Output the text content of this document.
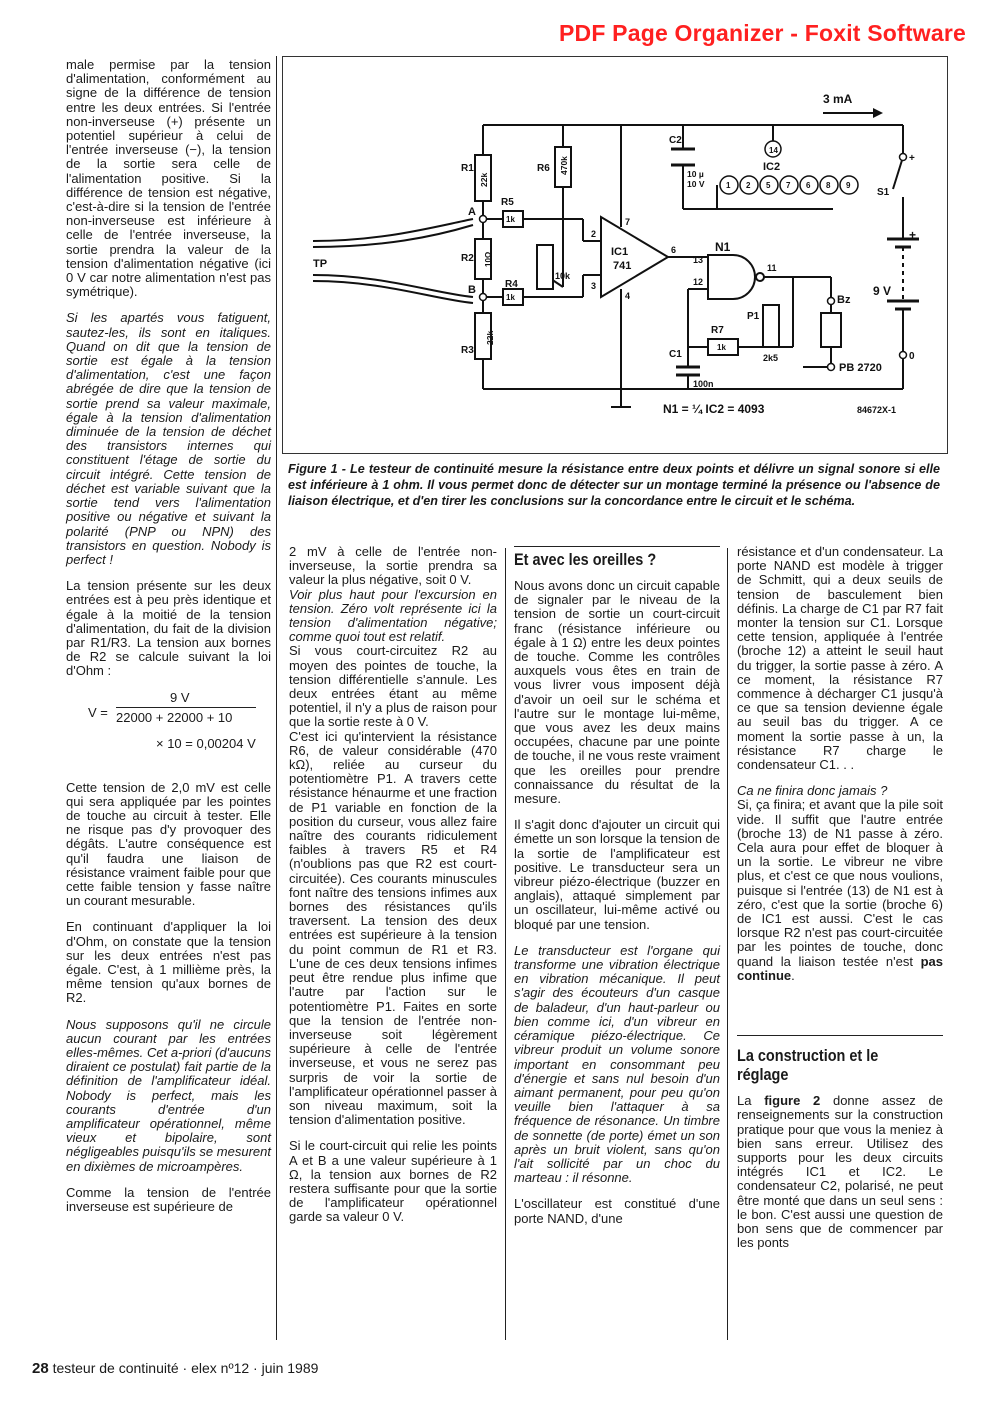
PDF Page Organizer - Foxit Software

male permise par la tension d'alimentation, conformément au signe de la différence de tension entre les deux entrées. Si l'entrée non-inverseuse (+) présente un potentiel supérieur à celui de l'entrée inverseuse (−), la tension de la sortie sera celle de l'alimentation positive. Si la différence de tension est négative, c'est-à-dire si la tension de l'entrée non-inverseuse est inférieure à celle de l'entrée inverseuse, la sortie prendra la valeur de la tension d'alimentation négative (ici 0 V car notre alimentation n'est pas symétrique).

Si les apartés vous fatiguent, sautez-les, ils sont en italiques. Quand on dit que la tension de sortie est égale à la tension d'alimentation, c'est une façon abrégée de dire que la tension de sortie prend sa valeur maximale, égale à la tension d'alimentation diminuée de la tension de déchet des transistors internes qui constituent l'étage de sortie du circuit intégré. Cette tension de déchet est variable suivant que la sortie tend vers l'alimentation positive ou négative et suivant la polarité (PNP ou NPN) des transistors en question. Nobody is perfect !

La tension présente sur les deux entrées est à peu près identique et égale à la moitié de la tension d'alimentation, du fait de la division par R1/R3. La tension aux bornes de R2 se calcule suivant la loi d'Ohm :

V =
9 V
22000 + 22000 + 10
× 10 = 0,00204 V

Cette tension de 2,0 mV est celle qui sera appliquée par les pointes de touche au circuit à tester. Elle ne risque pas d'y provoquer des dégâts. L'autre conséquence est qu'il faudra une liaison de résistance vraiment faible pour que cette faible tension y fasse naître un courant mesurable.

En continuant d'appliquer la loi d'Ohm, on constate que la tension sur les deux entrées n'est pas égale. C'est, à 1 millième près, la même tension qu'aux bornes de R2.

Nous supposons qu'il ne circule aucun courant par les entrées elles-mêmes. Cet a-priori (d'aucuns diraient ce postulat) fait partie de la définition de l'amplificateur idéal. Nobody is perfect, mais les courants d'entrée d'un amplificateur opérationnel, même vieux et bipolaire, sont négligeables puisqu'ils se mesurent en dixièmes de microampères.

Comme la tension de l'entrée inverseuse est supérieure de

3 mA
C2
10 µ
10 V
14
IC2
1 2 5 7 6 8 9
S1
+
+
9 V
0
R1
22k
R6 470k
R5
1k
A
R2 10Ω
TP
B	R4
1k
10k
R3
22k
2
3
7
4
6
IC1
741
N1
13
12
11
P1
2k5
R7
1k
C1
100n
Bz
PB 2720
N1 = ¼ IC2 = 4093	84672X-1
Figure 1 - Le testeur de continuité mesure la résistance entre deux points et délivre un signal sonore si elle est inférieure à 1 ohm. Il vous permet donc de détecter sur un montage terminé la présence ou l'absence de liaison électrique, et d'en tirer les conclusions sur la concordance entre le circuit et le schéma.

2 mV à celle de l'entrée non-inverseuse, la sortie prendra sa valeur la plus négative, soit 0 V.

Voir plus haut pour l'excursion en tension. Zéro volt représente ici la tension d'alimentation négative; comme quoi tout est relatif.

Si vous court-circuitez R2 au moyen des pointes de touche, la tension différentielle s'annule. Les deux entrées étant au même potentiel, il n'y a plus de raison pour que la sortie reste à 0 V.

C'est ici qu'intervient la résistance R6, de valeur considérable (470 kΩ), reliée au curseur du potentiomètre P1. A travers cette résistance hénaurme et une fraction de P1 variable en fonction de la position du curseur, vous allez faire naître des courants ridiculement faibles à travers R5 et R4 (n'oublions pas que R2 est court-circuitée). Ces courants minuscules font naître des tensions infimes aux bornes des résistances qu'ils traversent. La tension des deux entrées est supérieure à la tension du point commun de R1 et R3. L'une de ces deux tensions infimes peut être rendue plus infime que l'autre par l'action sur le potentiomètre P1. Faites en sorte que la tension de l'entrée non-inverseuse soit légèrement supérieure à celle de l'entrée inverseuse, et vous ne serez pas surpris de voir la sortie de l'amplificateur opérationnel passer à son niveau maximum, soit la tension d'alimentation positive.

Si le court-circuit qui relie les points A et B a une valeur supérieure à 1 Ω, la tension aux bornes de R2 restera suffisante pour que la sortie de l'amplificateur opérationnel garde sa valeur 0 V.

Et avec les oreilles ?

Nous avons donc un circuit capable de signaler par le niveau de la tension de sortie un court-circuit franc (résistance inférieure ou égale à 1 Ω) entre les deux pointes de touche. Comme les contrôles auxquels vous êtes en train de vous livrer vous imposent déjà d'avoir un oeil sur le schéma et l'autre sur le montage lui-même, que vous avez les deux mains occupées, chacune par une pointe de touche, il ne vous reste vraiment que les oreilles pour prendre connaissance du résultat de la mesure.

Il s'agit donc d'ajouter un circuit qui émette un son lorsque la tension de la sortie de l'amplificateur est positive. Le transducteur sera un vibreur piézo-électrique (buzzer en anglais), attaqué simplement par un oscillateur, lui-même activé ou bloqué par une tension.

Le transducteur est l'organe qui transforme une vibration électrique en vibration mécanique. Il peut s'agir des écouteurs d'un casque de baladeur, d'un haut-parleur ou bien comme ici, d'un vibreur en céramique piézo-électrique. Ce vibreur produit un volume sonore important en consommant peu d'énergie et sans nul besoin d'un aimant permanent, pour peu qu'on veuille bien l'attaquer à sa fréquence de résonance. Un timbre de sonnette (de porte) émet un son après un bruit violent, sans qu'on l'ait sollicité par un choc du marteau : il résonne.

L'oscillateur est constitué d'une porte NAND, d'une

résistance et d'un condensateur. La porte NAND est modèle à trigger de Schmitt, qui a deux seuils de tension de basculement bien définis. La charge de C1 par R7 fait monter la tension sur C1. Lorsque cette tension, appliquée à l'entrée (broche 12) a atteint le seuil haut du trigger, la sortie passe à zéro. A ce moment, la résistance R7 commence à décharger C1 jusqu'à ce que sa tension devienne égale au seuil bas du trigger. A ce moment la sortie passe à un, la résistance R7 charge le condensateur C1. . .

Ca ne finira donc jamais ?

Si, ça finira; et avant que la pile soit vide. Il suffit que l'autre entrée (broche 13) de N1 passe à zéro. Cela aura pour effet de bloquer à un la sortie. Le vibreur ne vibre plus, et c'est ce que nous voulions, puisque si l'entrée (13) de N1 est à zéro, c'est que la sortie (broche 6) de IC1 est aussi. C'est le cas lorsque R2 n'est pas court-circuitée par les pointes de touche, donc quand la liaison testée n'est pas continue.

La construction et le réglage

La figure 2 donne assez de renseignements sur la construction pratique pour que vous la meniez à bien sans erreur. Utilisez des supports pour les deux circuits intégrés IC1 et IC2. Le condensateur C2, polarisé, ne peut être monté que dans un seul sens : le bon. C'est aussi une question de bon sens que de commencer par les ponts

28 testeur de continuité · elex nº12 · juin 1989
